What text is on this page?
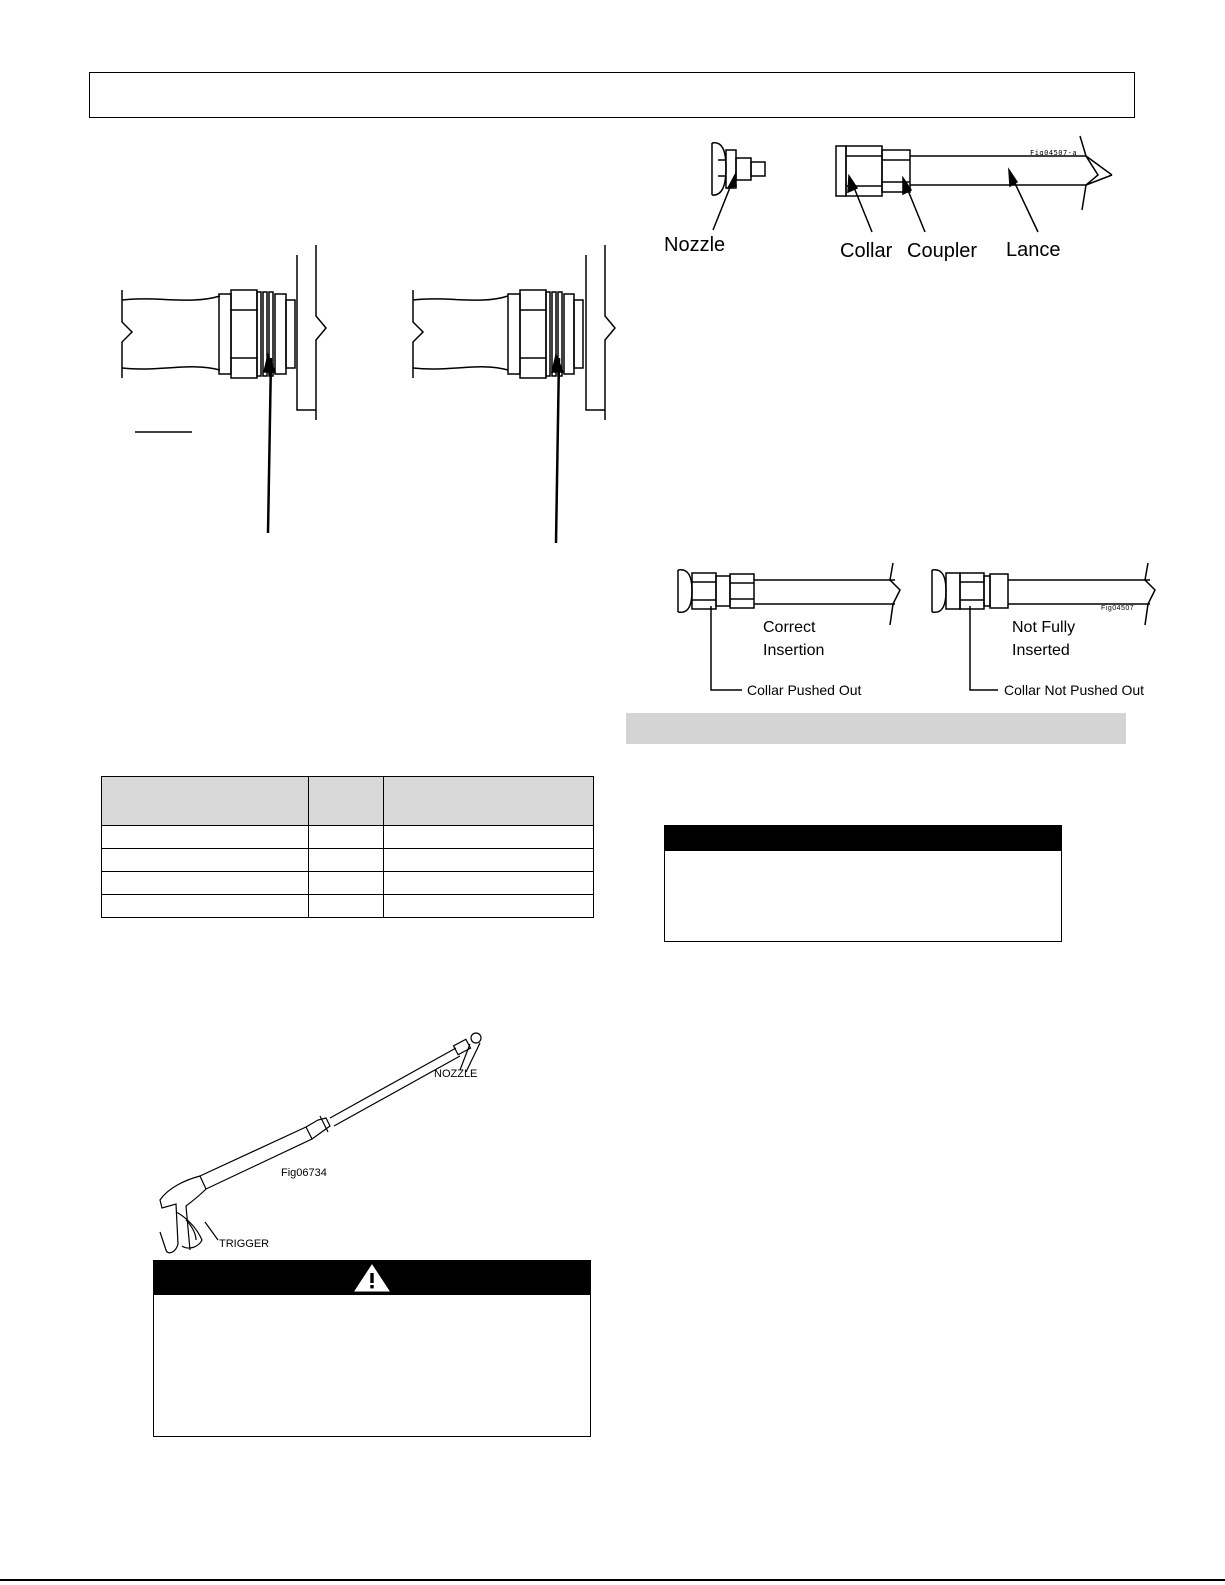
Nozzle	Collar Coupler Lance
Fig04507-a
Correct
Insertion
Not Fully
Inserted
Collar Pushed Out	Collar Not Pushed Out
Fig04507
NOZZLE
Fig06734
TRIGGER
